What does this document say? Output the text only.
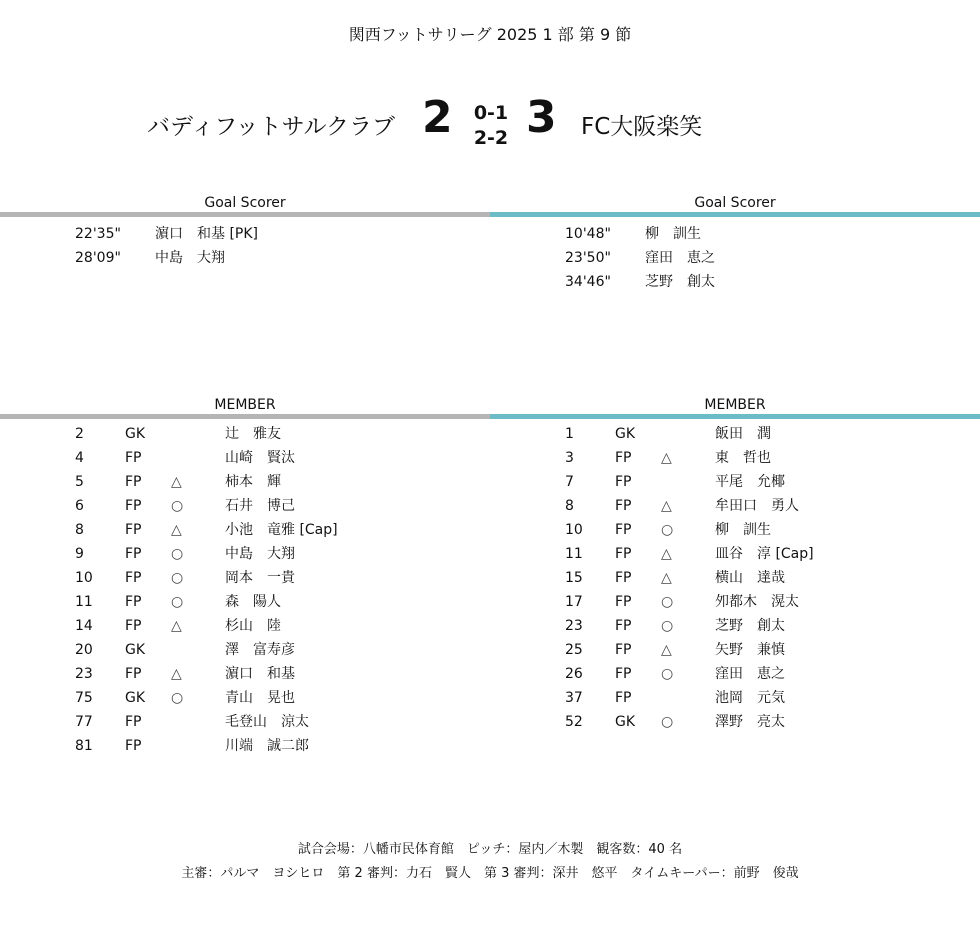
関西フットサリーグ 2025 1 部 第 9 節
バディフットサルクラブ 2 0-1
2-2 3 FC大阪楽笑
Goal Scorer	Goal Scorer
22'35" 濵口　和基 [PK]
28'09" 中島　大翔
10'48" 柳　訓生
23'50" 窪田　恵之
34'46" 芝野　創太
MEMBER	MEMBER
2	GK	辻　雅友
4	FP	山崎　賢汰
5	FP △	柿本　輝
6	FP ○	石井　博己
8	FP △	小池　竜雅 [Cap]
9	FP ○	中島　大翔
10 FP ○	岡本　一貴
11 FP ○	森　陽人
14 FP △	杉山　陸
20 GK	澤　富寿彦
23 FP △	濵口　和基
75 GK ○	青山　晃也
77 FP	毛登山　涼太
81 FP	川端　誠二郎
1	GK	飯田　潤
3	FP △	東　哲也
7	FP	平尾　允椰
8	FP △	牟田口　勇人
10 FP ○	柳　訓生
11 FP △	皿谷　淳 [Cap]
15 FP △	横山　達哉
17 FP ○	夘都木　滉太
23 FP ○	芝野　創太
25 FP △	矢野　兼慎
26 FP ○	窪田　恵之
37 FP	池岡　元気
52 GK ○	澤野　亮太
試合会場：八幡市民体育館　ピッチ：屋内／木製　観客数：40 名
主審：パルマ　ヨシヒロ　第 2 審判：力石　賢人　第 3 審判：深井　悠平　タイムキーパー：前野　俊哉
